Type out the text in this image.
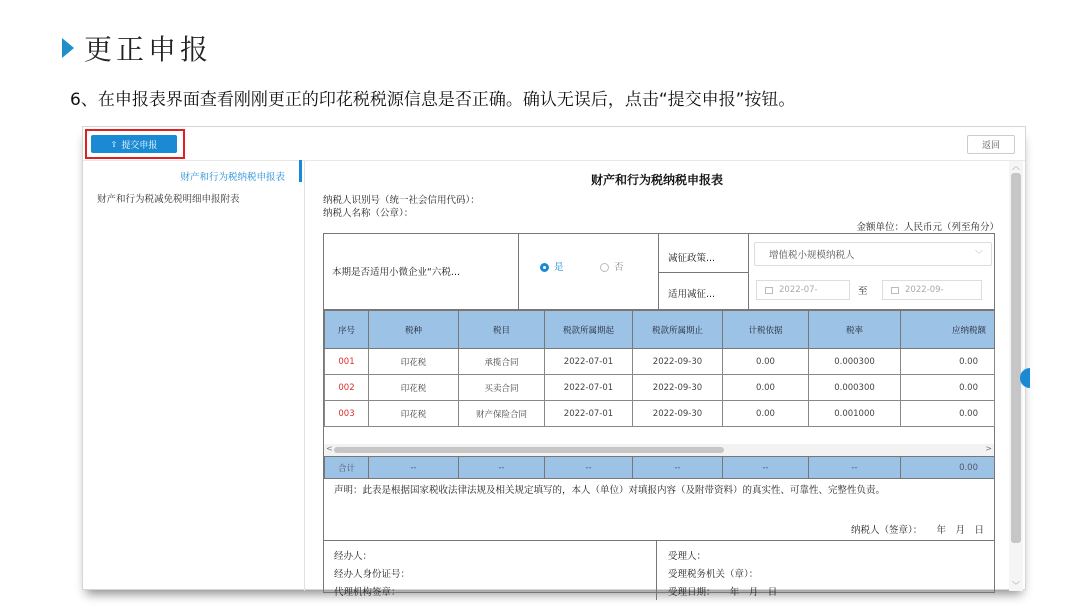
更正申报
6、在申报表界面查看刚刚更正的印花税税源信息是否正确。确认无误后，点击“提交申报”按钮。
⇧ 提交申报	返回
财产和行为税纳税申报表
财产和行为税减免税明细申报附表
财产和行为税纳税申报表
纳税人识别号（统一社会信用代码）：
纳税人名称（公章）：
金额单位：人民币元（列至角分）
本期是否适用小微企业“六税...	是	否
减征政策...
适用减征...
增值税小规模纳税人	﹀
2022-07-	至	2022-09-
序号	税种	税目	税款所属期起	税款所属期止	计税依据	税率	应纳税额
001	印花税	承揽合同	2022-07-01	2022-09-30	0.00	0.000300	0.00
002	印花税	买卖合同	2022-07-01	2022-09-30	0.00	0.000300	0.00
003	印花税	财产保险合同	2022-07-01	2022-09-30	0.00	0.001000	0.00
<	>
合计	--	--	--	--	--	--	0.00
声明：此表是根据国家税收法律法规及相关规定填写的，本人（单位）对填报内容（及附带资料）的真实性、可靠性、完整性负责。
纳税人（签章）：　　年　月　日
经办人：
经办人身份证号：
代理机构签章：
受理人：
受理税务机关（章）：
受理日期：　　年　月　日
︿
﹀
